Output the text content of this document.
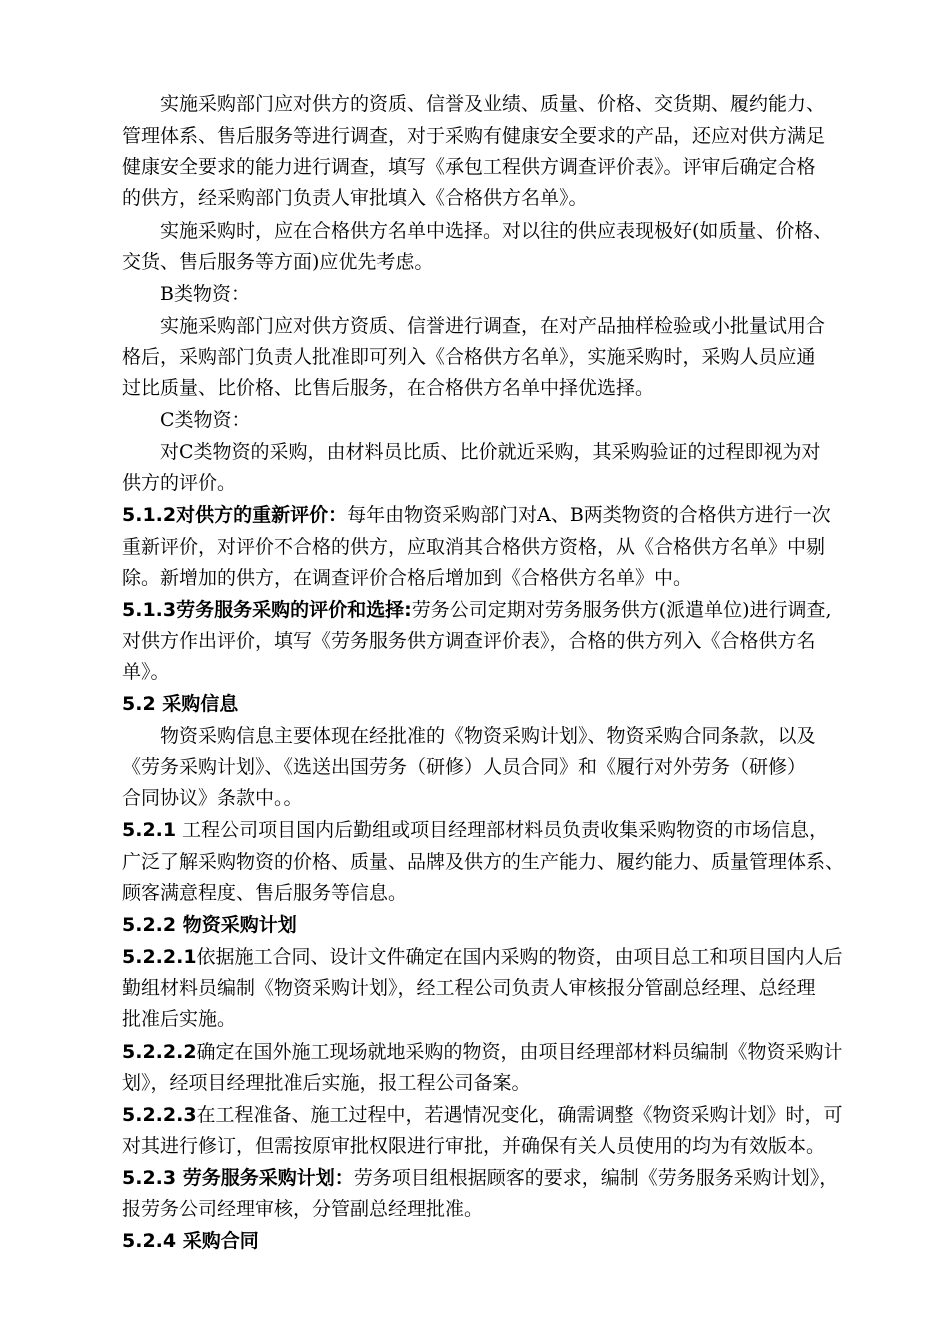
实施采购部门应对供方的资质、信誉及业绩、质量、价格、交货期、履约能力、
管理体系、售后服务等进行调查，对于采购有健康安全要求的产品，还应对供方满足
健康安全要求的能力进行调查，填写《承包工程供方调查评价表》。评审后确定合格
的供方，经采购部门负责人审批填入《合格供方名单》。
实施采购时，应在合格供方名单中选择。对以往的供应表现极好(如质量、价格、
交货、售后服务等方面)应优先考虑。
B类物资：
实施采购部门应对供方资质、信誉进行调查，在对产品抽样检验或小批量试用合
格后，采购部门负责人批准即可列入《合格供方名单》，实施采购时，采购人员应通
过比质量、比价格、比售后服务，在合格供方名单中择优选择。
C类物资：
对C类物资的采购，由材料员比质、比价就近采购，其采购验证的过程即视为对
供方的评价。
5.1.2对供方的重新评价：每年由物资采购部门对A、B两类物资的合格供方进行一次
重新评价，对评价不合格的供方，应取消其合格供方资格，从《合格供方名单》中剔
除。新增加的供方，在调查评价合格后增加到《合格供方名单》中。
5.1.3劳务服务采购的评价和选择:劳务公司定期对劳务服务供方(派遣单位)进行调查,
对供方作出评价，填写《劳务服务供方调查评价表》，合格的供方列入《合格供方名
单》。
5.2 采购信息
物资采购信息主要体现在经批准的《物资采购计划》、物资采购合同条款，以及
《劳务采购计划》、《选送出国劳务（研修）人员合同》和《履行对外劳务（研修）
合同协议》条款中。。
5.2.1 工程公司项目国内后勤组或项目经理部材料员负责收集采购物资的市场信息，
广泛了解采购物资的价格、质量、品牌及供方的生产能力、履约能力、质量管理体系、
顾客满意程度、售后服务等信息。
5.2.2 物资采购计划
5.2.2.1依据施工合同、设计文件确定在国内采购的物资，由项目总工和项目国内人后
勤组材料员编制《物资采购计划》，经工程公司负责人审核报分管副总经理、总经理
批准后实施。
5.2.2.2确定在国外施工现场就地采购的物资，由项目经理部材料员编制《物资采购计
划》，经项目经理批准后实施，报工程公司备案。
5.2.2.3在工程准备、施工过程中，若遇情况变化，确需调整《物资采购计划》时，可
对其进行修订，但需按原审批权限进行审批，并确保有关人员使用的均为有效版本。
5.2.3 劳务服务采购计划：劳务项目组根据顾客的要求，编制《劳务服务采购计划》，
报劳务公司经理审核，分管副总经理批准。
5.2.4 采购合同
